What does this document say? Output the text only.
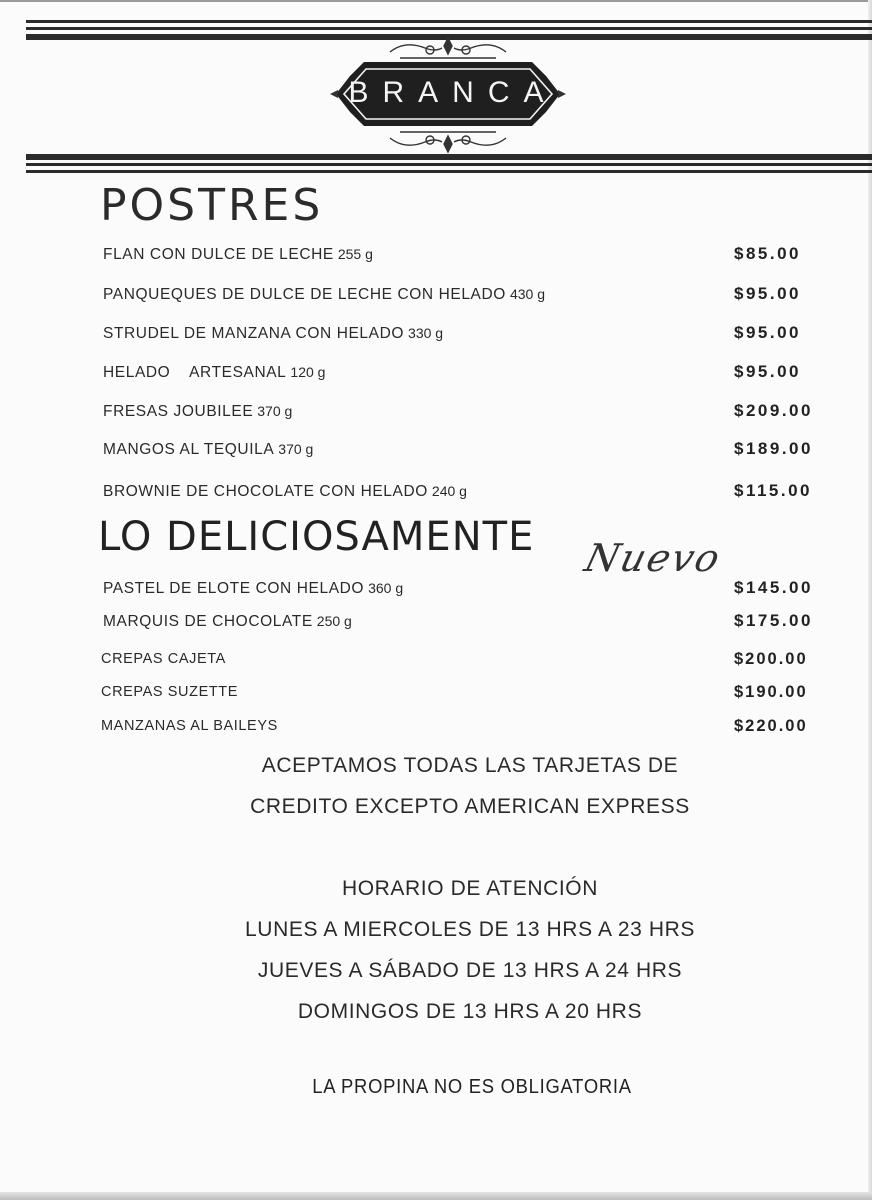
BRANCA
POSTRES
FLAN CON DULCE DE LECHE 255 g	$85.00
PANQUEQUES DE DULCE DE LECHE CON HELADO 430 g	$95.00
STRUDEL DE MANZANA CON HELADO 330 g	$95.00
HELADO    ARTESANAL 120 g	$95.00
FRESAS JOUBILEE 370 g	$209.00
MANGOS AL TEQUILA 370 g	$189.00
BROWNIE DE CHOCOLATE CON HELADO 240 g	$115.00
LO DELICIOSAMENTE Nuevo
PASTEL DE ELOTE CON HELADO 360 g	$145.00
MARQUIS DE CHOCOLATE 250 g	$175.00
CREPAS CAJETA	$200.00
CREPAS SUZETTE	$190.00
MANZANAS AL BAILEYS	$220.00
ACEPTAMOS TODAS LAS TARJETAS DE
CREDITO EXCEPTO AMERICAN EXPRESS
HORARIO DE ATENCIÓN
LUNES A MIERCOLES DE 13 HRS A 23 HRS
JUEVES A SÁBADO DE 13 HRS A 24 HRS
DOMINGOS DE 13 HRS A 20 HRS
LA PROPINA NO ES OBLIGATORIA
